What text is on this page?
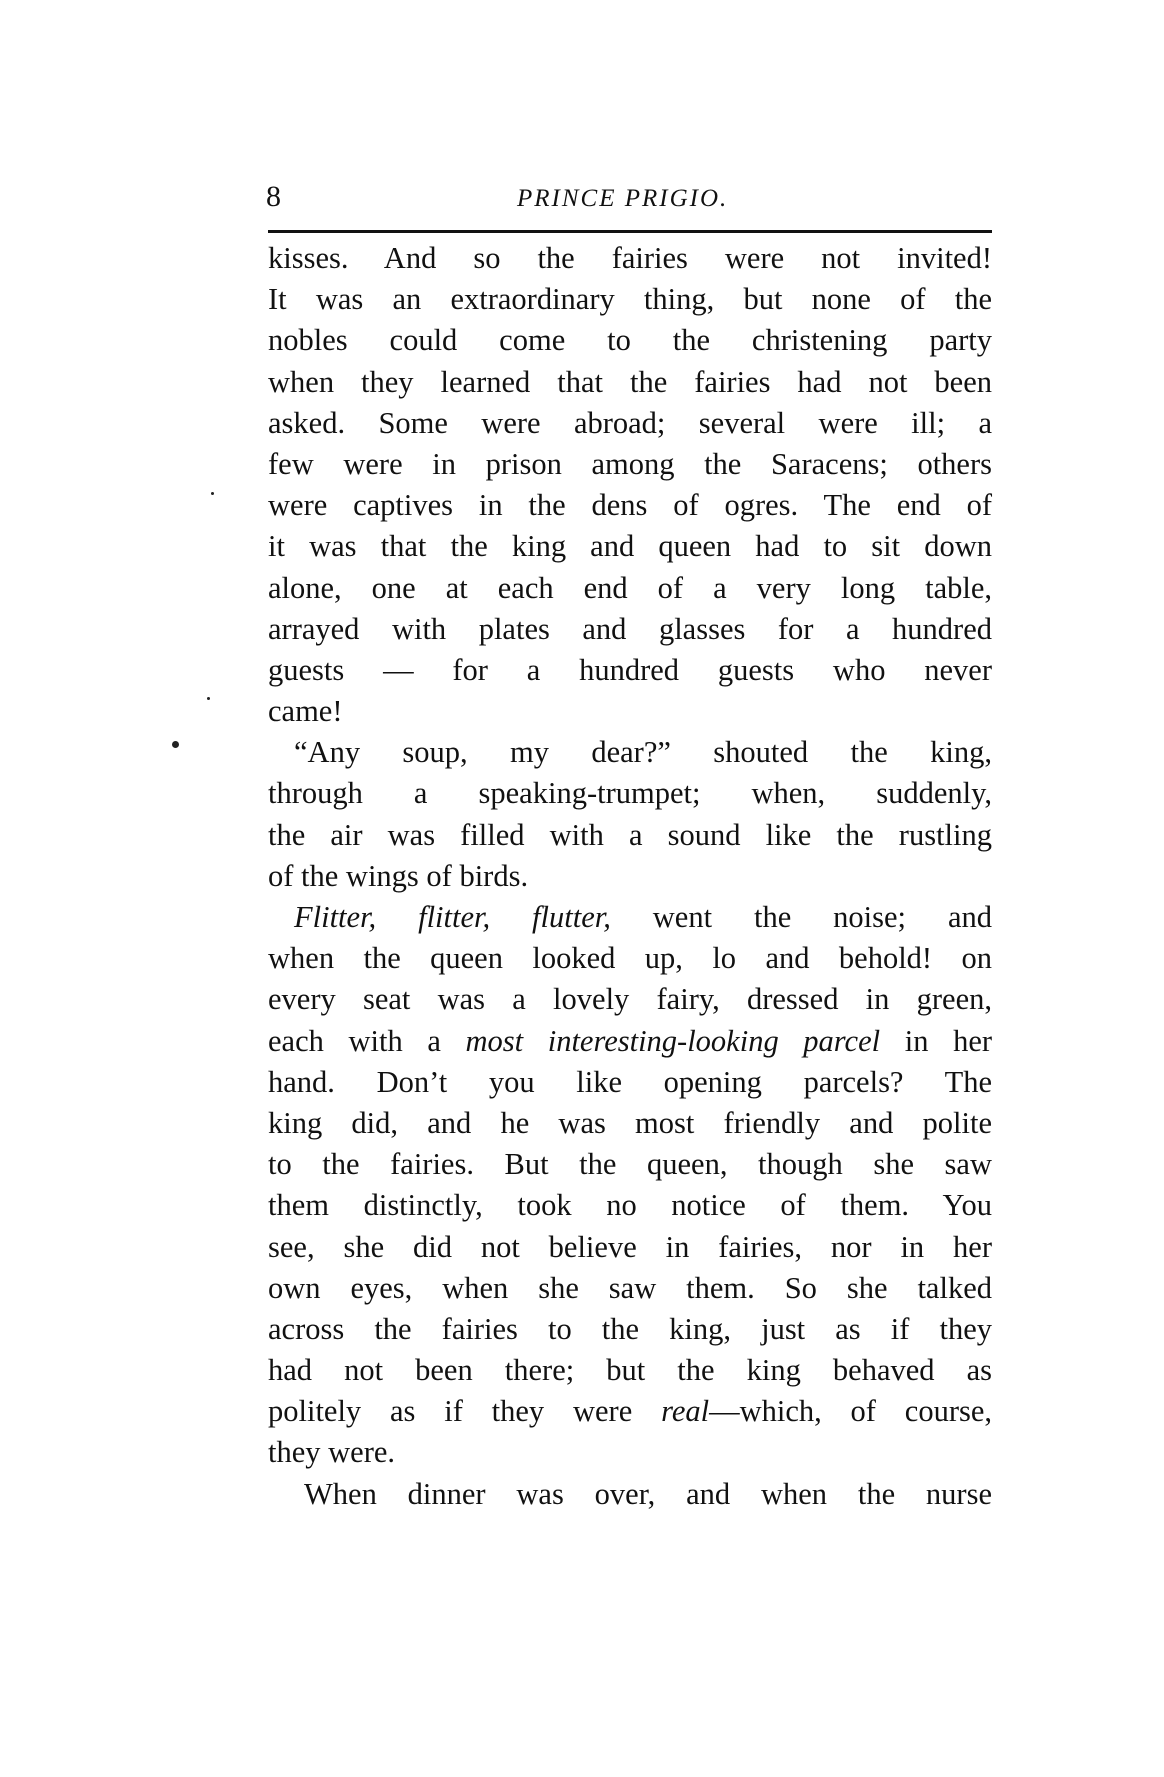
8	PRINCE PRIGIO.
kisses. And so the fairies were not invited!
It was an extraordinary thing, but none of the
nobles could come to the christening party
when they learned that the fairies had not been
asked. Some were abroad; several were ill; a
few were in prison among the Saracens; others
were captives in the dens of ogres. The end of
it was that the king and queen had to sit down
alone, one at each end of a very long table,
arrayed with plates and glasses for a hundred
guests — for a hundred guests who never
came!
“Any soup, my dear?” shouted the king,
through a speaking-trumpet; when, suddenly,
the air was filled with a sound like the rustling
of the wings of birds.
Flitter, flitter, flutter, went the noise; and
when the queen looked up, lo and behold! on
every seat was a lovely fairy, dressed in green,
each with a most interesting-looking parcel in her
hand. Don’t you like opening parcels? The
king did, and he was most friendly and polite
to the fairies. But the queen, though she saw
them distinctly, took no notice of them. You
see, she did not believe in fairies, nor in her
own eyes, when she saw them. So she talked
across the fairies to the king, just as if they
had not been there; but the king behaved as
politely as if they were real—which, of course,
they were.
When dinner was over, and when the nurse
